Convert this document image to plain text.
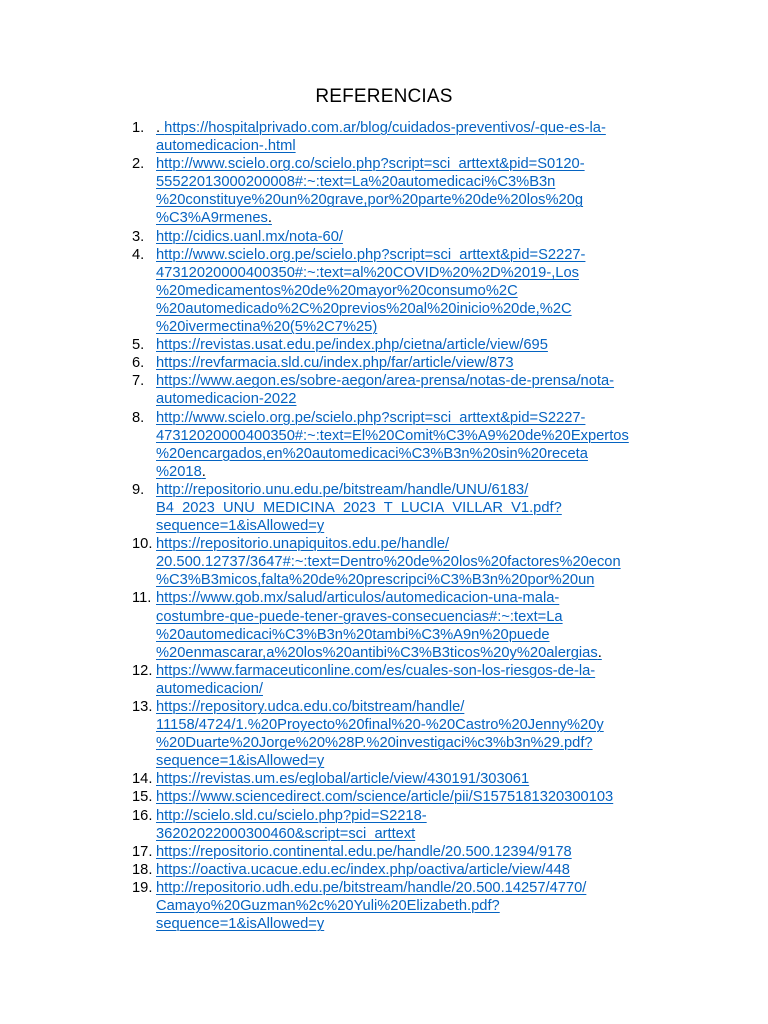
REFERENCIAS
1. . https://hospitalprivado.com.ar/blog/cuidados-preventivos/-que-es-la-
automedicacion-.html
2. http://www.scielo.org.co/scielo.php?script=sci_arttext&pid=S0120-
55522013000200008#:~:text=La%20automedicaci%C3%B3n
%20constituye%20un%20grave,por%20parte%20de%20los%20g
%C3%A9rmenes.
3. http://cidics.uanl.mx/nota-60/
4. http://www.scielo.org.pe/scielo.php?script=sci_arttext&pid=S2227-
47312020000400350#:~:text=al%20COVID%20%2D%2019-,Los
%20medicamentos%20de%20mayor%20consumo%2C
%20automedicado%2C%20previos%20al%20inicio%20de,%2C
%20ivermectina%20(5%2C7%25)
5. https://revistas.usat.edu.pe/index.php/cietna/article/view/695
6. https://revfarmacia.sld.cu/index.php/far/article/view/873
7. https://www.aegon.es/sobre-aegon/area-prensa/notas-de-prensa/nota-
automedicacion-2022
8. http://www.scielo.org.pe/scielo.php?script=sci_arttext&pid=S2227-
47312020000400350#:~:text=El%20Comit%C3%A9%20de%20Expertos
%20encargados,en%20automedicaci%C3%B3n%20sin%20receta
%2018.
9. http://repositorio.unu.edu.pe/bitstream/handle/UNU/6183/
B4_2023_UNU_MEDICINA_2023_T_LUCIA_VILLAR_V1.pdf?
sequence=1&isAllowed=y
10. https://repositorio.unapiquitos.edu.pe/handle/
20.500.12737/3647#:~:text=Dentro%20de%20los%20factores%20econ
%C3%B3micos,falta%20de%20prescripci%C3%B3n%20por%20un
11. https://www.gob.mx/salud/articulos/automedicacion-una-mala-
costumbre-que-puede-tener-graves-consecuencias#:~:text=La
%20automedicaci%C3%B3n%20tambi%C3%A9n%20puede
%20enmascarar,a%20los%20antibi%C3%B3ticos%20y%20alergias.
12. https://www.farmaceuticonline.com/es/cuales-son-los-riesgos-de-la-
automedicacion/
13. https://repository.udca.edu.co/bitstream/handle/
11158/4724/1.%20Proyecto%20final%20-%20Castro%20Jenny%20y
%20Duarte%20Jorge%20%28P.%20investigaci%c3%b3n%29.pdf?
sequence=1&isAllowed=y
14. https://revistas.um.es/eglobal/article/view/430191/303061
15. https://www.sciencedirect.com/science/article/pii/S1575181320300103
16. http://scielo.sld.cu/scielo.php?pid=S2218-
36202022000300460&script=sci_arttext
17. https://repositorio.continental.edu.pe/handle/20.500.12394/9178
18. https://oactiva.ucacue.edu.ec/index.php/oactiva/article/view/448
19. http://repositorio.udh.edu.pe/bitstream/handle/20.500.14257/4770/
Camayo%20Guzman%2c%20Yuli%20Elizabeth.pdf?
sequence=1&isAllowed=y
